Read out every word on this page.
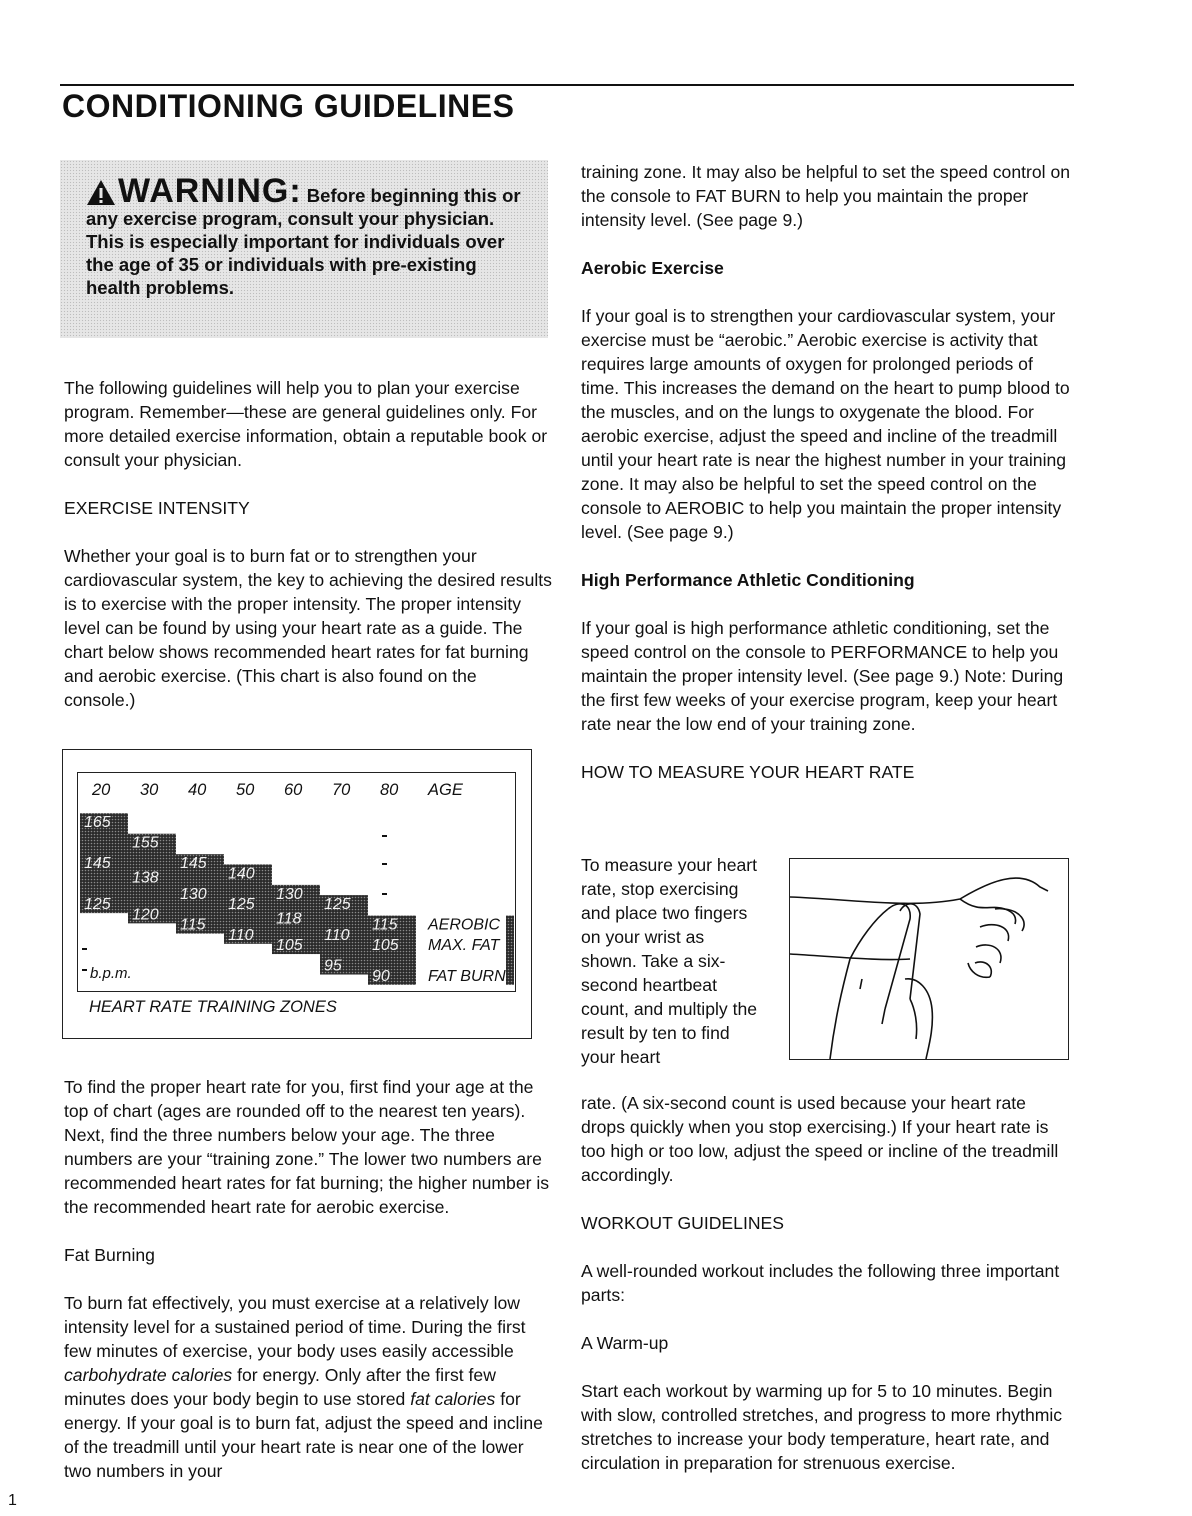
CONDITIONING GUIDELINES
WARNING: Before beginning this or any exercise program, consult your physician. This is especially important for individuals over the age of 35 or individuals with pre-existing health problems.

The following guidelines will help you to plan your exercise program. Remember—these are general guidelines only. For more detailed exercise information, obtain a reputable book or consult your physician.

EXERCISE INTENSITY

Whether your goal is to burn fat or to strengthen your cardiovascular system, the key to achieving the desired results is to exercise with the proper intensity. The proper intensity level can be found by using your heart rate as a guide. The chart below shows recommended heart rates for fat burning and aerobic exercise. (This chart is also found on the console.)

20 30 40 50 60 70 80 AGE
165
155
145
140
130
125
115
145
138
130
125
118
110
105
125
120
115
110
105
95
90
AEROBIC
MAX. FAT
FAT BURN
b.p.m.
HEART RATE TRAINING ZONES

To find the proper heart rate for you, first find your age at the top of chart (ages are rounded off to the nearest ten years). Next, find the three numbers below your age. The three numbers are your “training zone.” The lower two numbers are recommended heart rates for fat burning; the higher number is the recommended heart rate for aerobic exercise.

Fat Burning

To burn fat effectively, you must exercise at a relatively low intensity level for a sustained period of time. During the first few minutes of exercise, your body uses easily accessible carbohydrate calories for energy. Only after the first few minutes does your body begin to use stored fat calories for energy. If your goal is to burn fat, adjust the speed and incline of the treadmill until your heart rate is near one of the lower two numbers in your

training zone. It may also be helpful to set the speed control on the console to FAT BURN to help you maintain the proper intensity level. (See page 9.)

Aerobic Exercise

If your goal is to strengthen your cardiovascular system, your exercise must be “aerobic.” Aerobic exercise is activity that requires large amounts of oxygen for prolonged periods of time. This increases the demand on the heart to pump blood to the muscles, and on the lungs to oxygenate the blood. For aerobic exercise, adjust the speed and incline of the treadmill until your heart rate is near the highest number in your training zone. It may also be helpful to set the speed control on the console to AEROBIC to help you maintain the proper intensity level. (See page 9.)

High Performance Athletic Conditioning

If your goal is high performance athletic conditioning, set the speed control on the console to PERFORMANCE to help you maintain the proper intensity level. (See page 9.) Note: During the first few weeks of your exercise program, keep your heart rate near the low end of your training zone.

HOW TO MEASURE YOUR HEART RATE

To measure your heart rate, stop exercising and place two fingers on your wrist as shown. Take a six-second heartbeat count, and multiply the result by ten to find your heart

rate. (A six-second count is used because your heart rate drops quickly when you stop exercising.) If your heart rate is too high or too low, adjust the speed or incline of the treadmill accordingly.

WORKOUT GUIDELINES

A well-rounded workout includes the following three important parts:

A Warm-up

Start each workout by warming up for 5 to 10 minutes. Begin with slow, controlled stretches, and progress to more rhythmic stretches to increase your body temperature, heart rate, and circulation in preparation for strenuous exercise.

1
